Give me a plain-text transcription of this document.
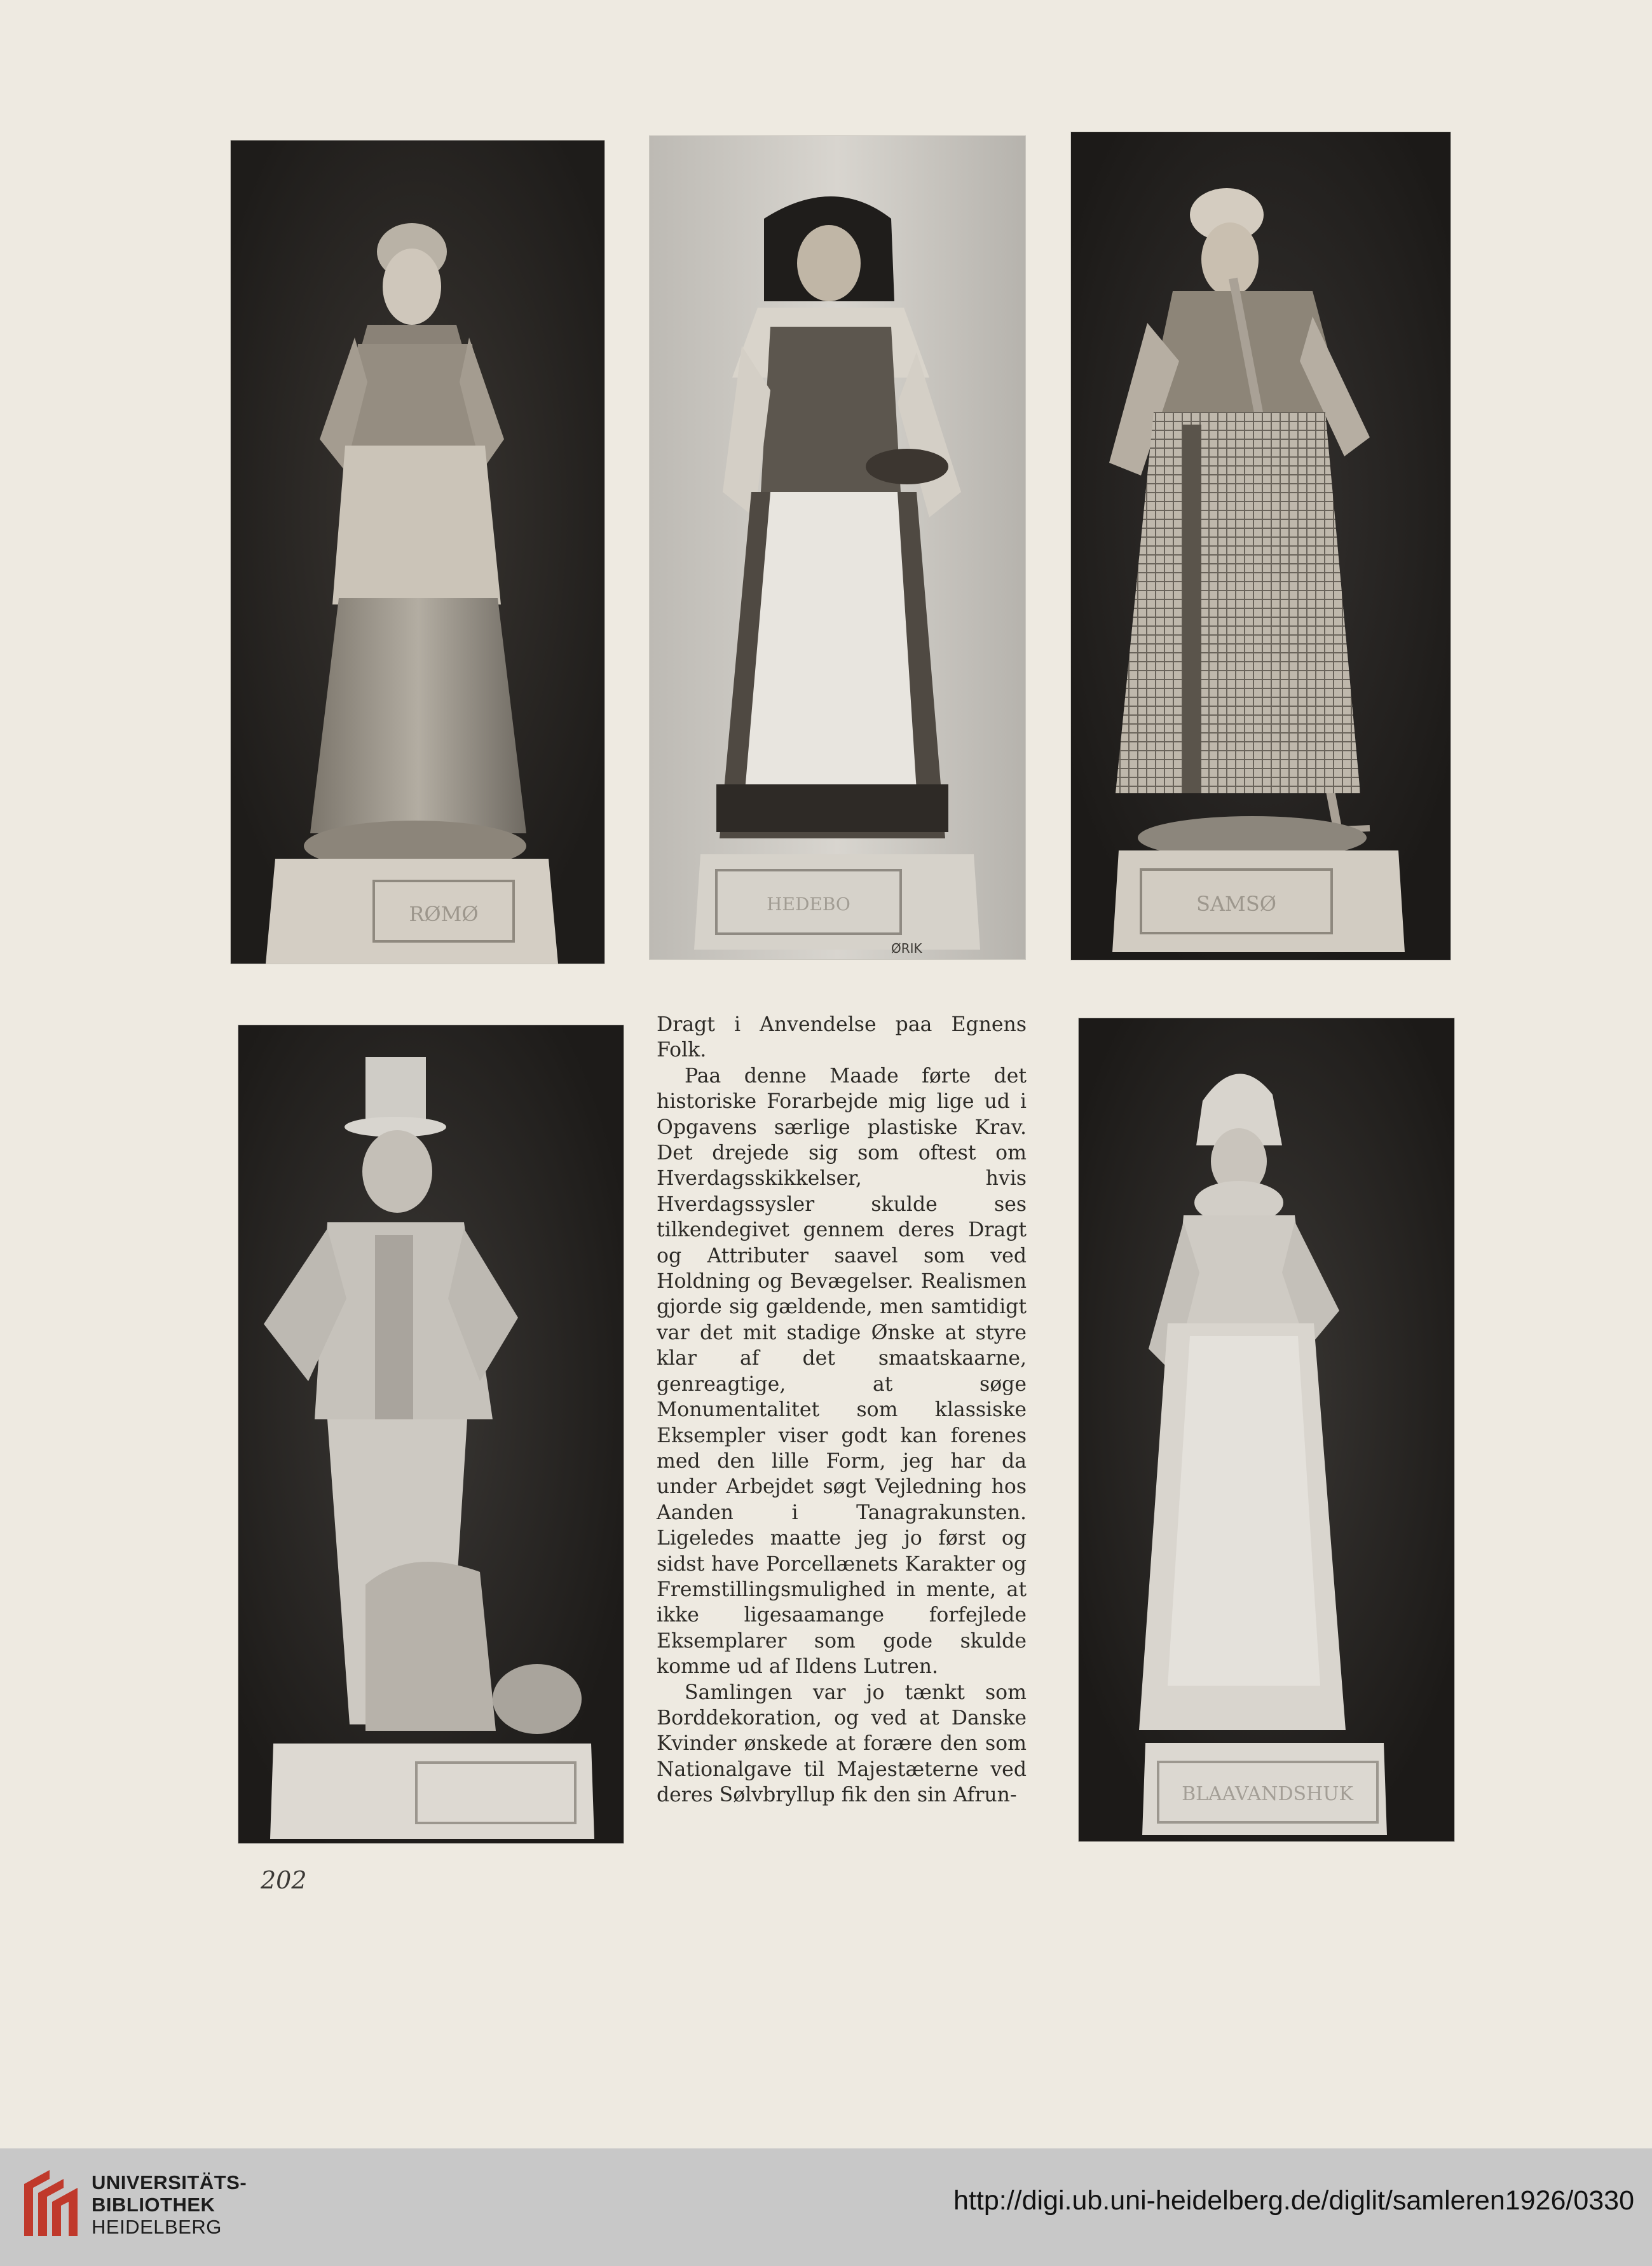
RØMØ	HEDEBO
ØRIK
SAMSØ
BLAAVANDSHUK

Dragt i Anvendelse paa Egnens Folk.

Paa denne Maade førte det historiske Forarbejde mig lige ud i Opgavens særlige plastiske Krav. Det drejede sig som oftest om Hverdagsskikkelser, hvis Hverdagssysler skulde ses tilkendegivet gennem deres Dragt og Attributer saavel som ved Holdning og Bevægelser. Realismen gjorde sig gældende, men samtidigt var det mit stadige Ønske at styre klar af det smaatskaarne, genreagtige, at søge Monumentalitet som klassiske Eksempler viser godt kan forenes med den lille Form, jeg har da under Arbejdet søgt Vejledning hos Aanden i Tanagrakunsten. Ligeledes maatte jeg jo først og sidst have Porcellænets Karakter og Fremstillingsmulighed in mente, at ikke ligesaamange forfejlede Eksemplarer som gode skulde komme ud af Ildens Lutren.

Samlingen var jo tænkt som Borddekoration, og ved at Danske Kvinder ønskede at forære den som Nationalgave til Majestæterne ved deres Sølvbryllup fik den sin Afrun-

202
UNIVERSITÄTS-
BIBLIOTHEK
HEIDELBERG
http://digi.ub.uni-heidelberg.de/diglit/samleren1926/0330
